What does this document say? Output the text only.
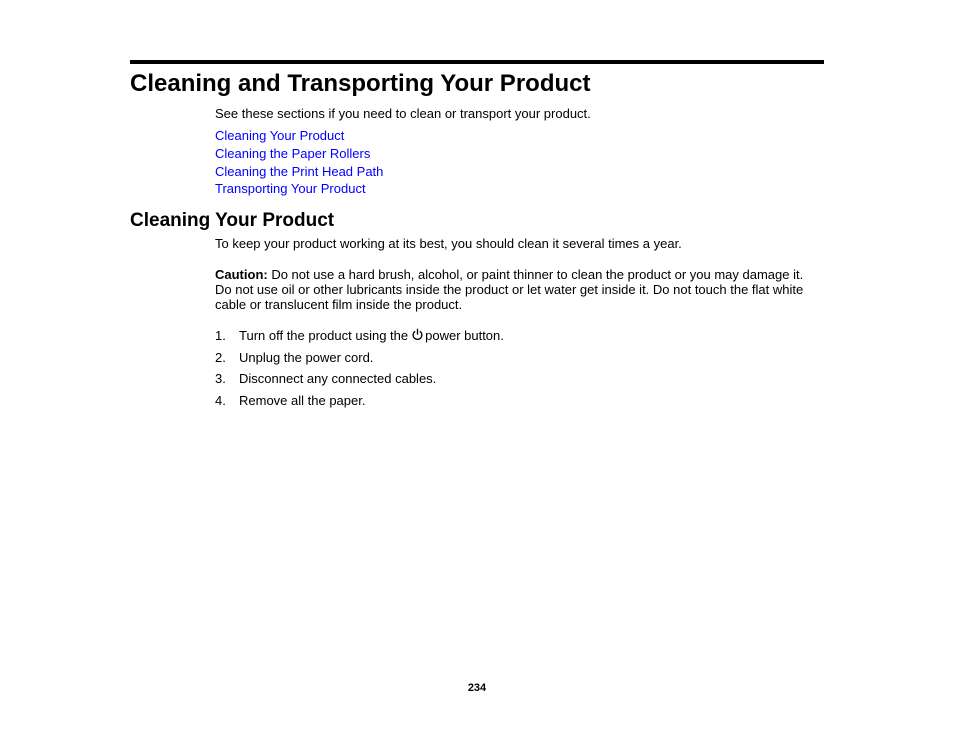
Cleaning and Transporting Your Product

See these sections if you need to clean or transport your product.

Cleaning Your Product
Cleaning the Paper Rollers
Cleaning the Print Head Path
Transporting Your Product
Cleaning Your Product

To keep your product working at its best, you should clean it several times a year.

Caution: Do not use a hard brush, alcohol, or paint thinner to clean the product or you may damage it. Do not use oil or other lubricants inside the product or let water get inside it. Do not touch the flat white cable or translucent film inside the product.

1. Turn off the product using the power button.
2. Unplug the power cord.
3. Disconnect any connected cables.
4. Remove all the paper.
234
